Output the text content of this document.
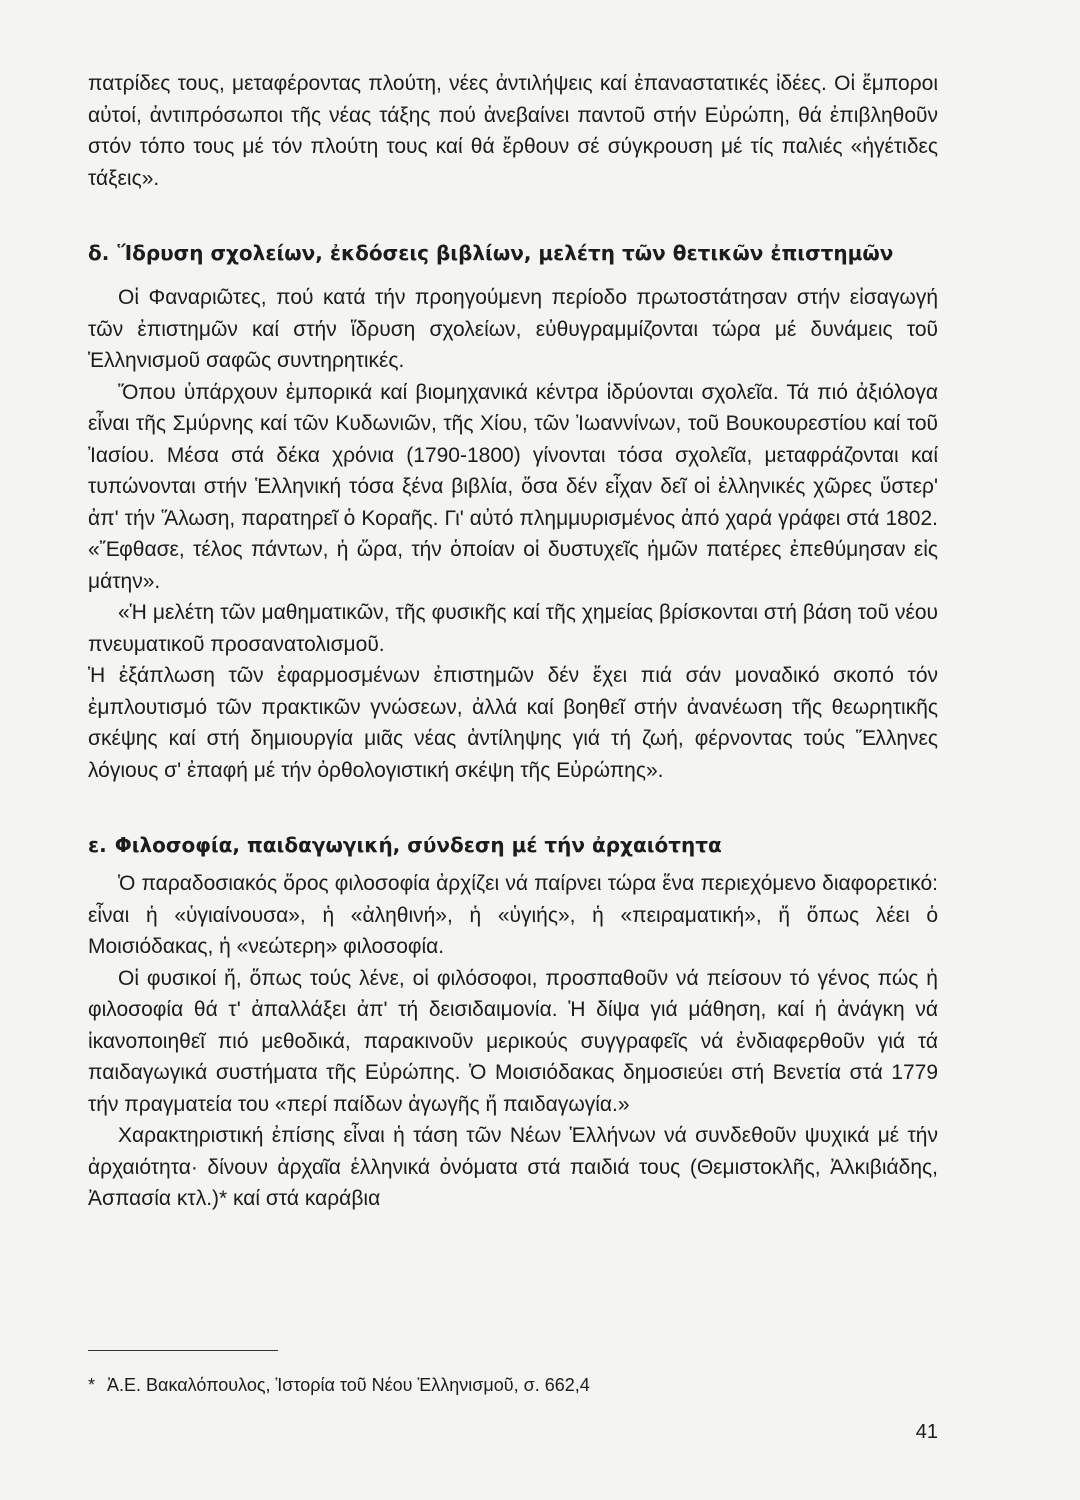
πατρίδες τους, μεταφέροντας πλούτη, νέες ἀντιλήψεις καί ἐπαναστατικές ἰδέες. Οἱ ἔμποροι αὐτοί, ἀντιπρόσωποι τῆς νέας τάξης πού ἀνεβαίνει παντοῦ στήν Εὐρώπη, θά ἐπιβληθοῦν στόν τόπο τους μέ τόν πλούτη τους καί θά ἔρθουν σέ σύγκρουση μέ τίς παλιές «ἡγέτιδες τάξεις».

δ. Ἵδρυση σχολείων, ἐκδόσεις βιβλίων, μελέτη τῶν θετικῶν ἐπιστημῶν

Οἱ Φαναριῶτες, πού κατά τήν προηγούμενη περίοδο πρωτοστάτησαν στήν εἰσαγωγή τῶν ἐπιστημῶν καί στήν ἵδρυση σχολείων, εὐθυγραμμίζονται τώρα μέ δυνάμεις τοῦ Ἑλληνισμοῦ σαφῶς συντηρητικές.

Ὅπου ὑπάρχουν ἐμπορικά καί βιομηχανικά κέντρα ἱδρύονται σχολεῖα. Τά πιό ἀξιόλογα εἶναι τῆς Σμύρνης καί τῶν Κυδωνιῶν, τῆς Χίου, τῶν Ἰωαννίνων, τοῦ Βουκουρεστίου καί τοῦ Ἰασίου. Μέσα στά δέκα χρόνια (1790-1800) γίνονται τόσα σχολεῖα, μεταφράζονται καί τυπώνονται στήν Ἑλληνική τόσα ξένα βιβλία, ὅσα δέν εἶχαν δεῖ οἱ ἑλληνικές χῶρες ὕστερ' ἀπ' τήν Ἅλωση, παρατηρεῖ ὁ Κοραῆς. Γι' αὐτό πλημμυρισμένος ἀπό χαρά γράφει στά 1802. «Ἔφθασε, τέλος πάντων, ἡ ὥρα, τήν ὁποίαν οἱ δυστυχεῖς ἡμῶν πατέρες ἐπεθύμησαν εἰς μάτην».

«Ἡ μελέτη τῶν μαθηματικῶν, τῆς φυσικῆς καί τῆς χημείας βρίσκονται στή βάση τοῦ νέου πνευματικοῦ προσανατολισμοῦ.

Ἡ ἐξάπλωση τῶν ἐφαρμοσμένων ἐπιστημῶν δέν ἔχει πιά σάν μοναδικό σκοπό τόν ἐμπλουτισμό τῶν πρακτικῶν γνώσεων, ἀλλά καί βοηθεῖ στήν ἀνανέωση τῆς θεωρητικῆς σκέψης καί στή δημιουργία μιᾶς νέας ἀντίληψης γιά τή ζωή, φέρνοντας τούς Ἕλληνες λόγιους σ' ἐπαφή μέ τήν ὀρθολογιστική σκέψη τῆς Εὐρώπης».

ε. Φιλοσοφία, παιδαγωγική, σύνδεση μέ τήν ἀρχαιότητα

Ὁ παραδοσιακός ὅρος φιλοσοφία ἀρχίζει νά παίρνει τώρα ἕνα περιεχόμενο διαφορετικό: εἶναι ἡ «ὑγιαίνουσα», ἡ «ἀληθινή», ἡ «ὑγιής», ἡ «πειραματική», ἤ ὅπως λέει ὁ Μοισιόδακας, ἡ «νεώτερη» φιλοσοφία.

Οἱ φυσικοί ἤ, ὅπως τούς λένε, οἱ φιλόσοφοι, προσπαθοῦν νά πείσουν τό γένος πώς ἡ φιλοσοφία θά τ' ἀπαλλάξει ἀπ' τή δεισιδαιμονία. Ἡ δίψα γιά μάθηση, καί ἡ ἀνάγκη νά ἱκανοποιηθεῖ πιό μεθοδικά, παρακινοῦν μερικούς συγγραφεῖς νά ἐνδιαφερθοῦν γιά τά παιδαγωγικά συστήματα τῆς Εὐρώπης. Ὁ Μοισιόδακας δημοσιεύει στή Βενετία στά 1779 τήν πραγματεία του «περί παίδων ἀγωγῆς ἤ παιδαγωγία.»

Χαρακτηριστική ἐπίσης εἶναι ἡ τάση τῶν Νέων Ἑλλήνων νά συνδεθοῦν ψυχικά μέ τήν ἀρχαιότητα· δίνουν ἀρχαῖα ἑλληνικά ὀνόματα στά παιδιά τους (Θεμιστοκλῆς, Ἀλκιβιάδης, Ἀσπασία κτλ.)* καί στά καράβια

* Ἀ.Ε. Βακαλόπουλος, Ἱστορία τοῦ Νέου Ἑλληνισμοῦ, σ. 662,4
41
